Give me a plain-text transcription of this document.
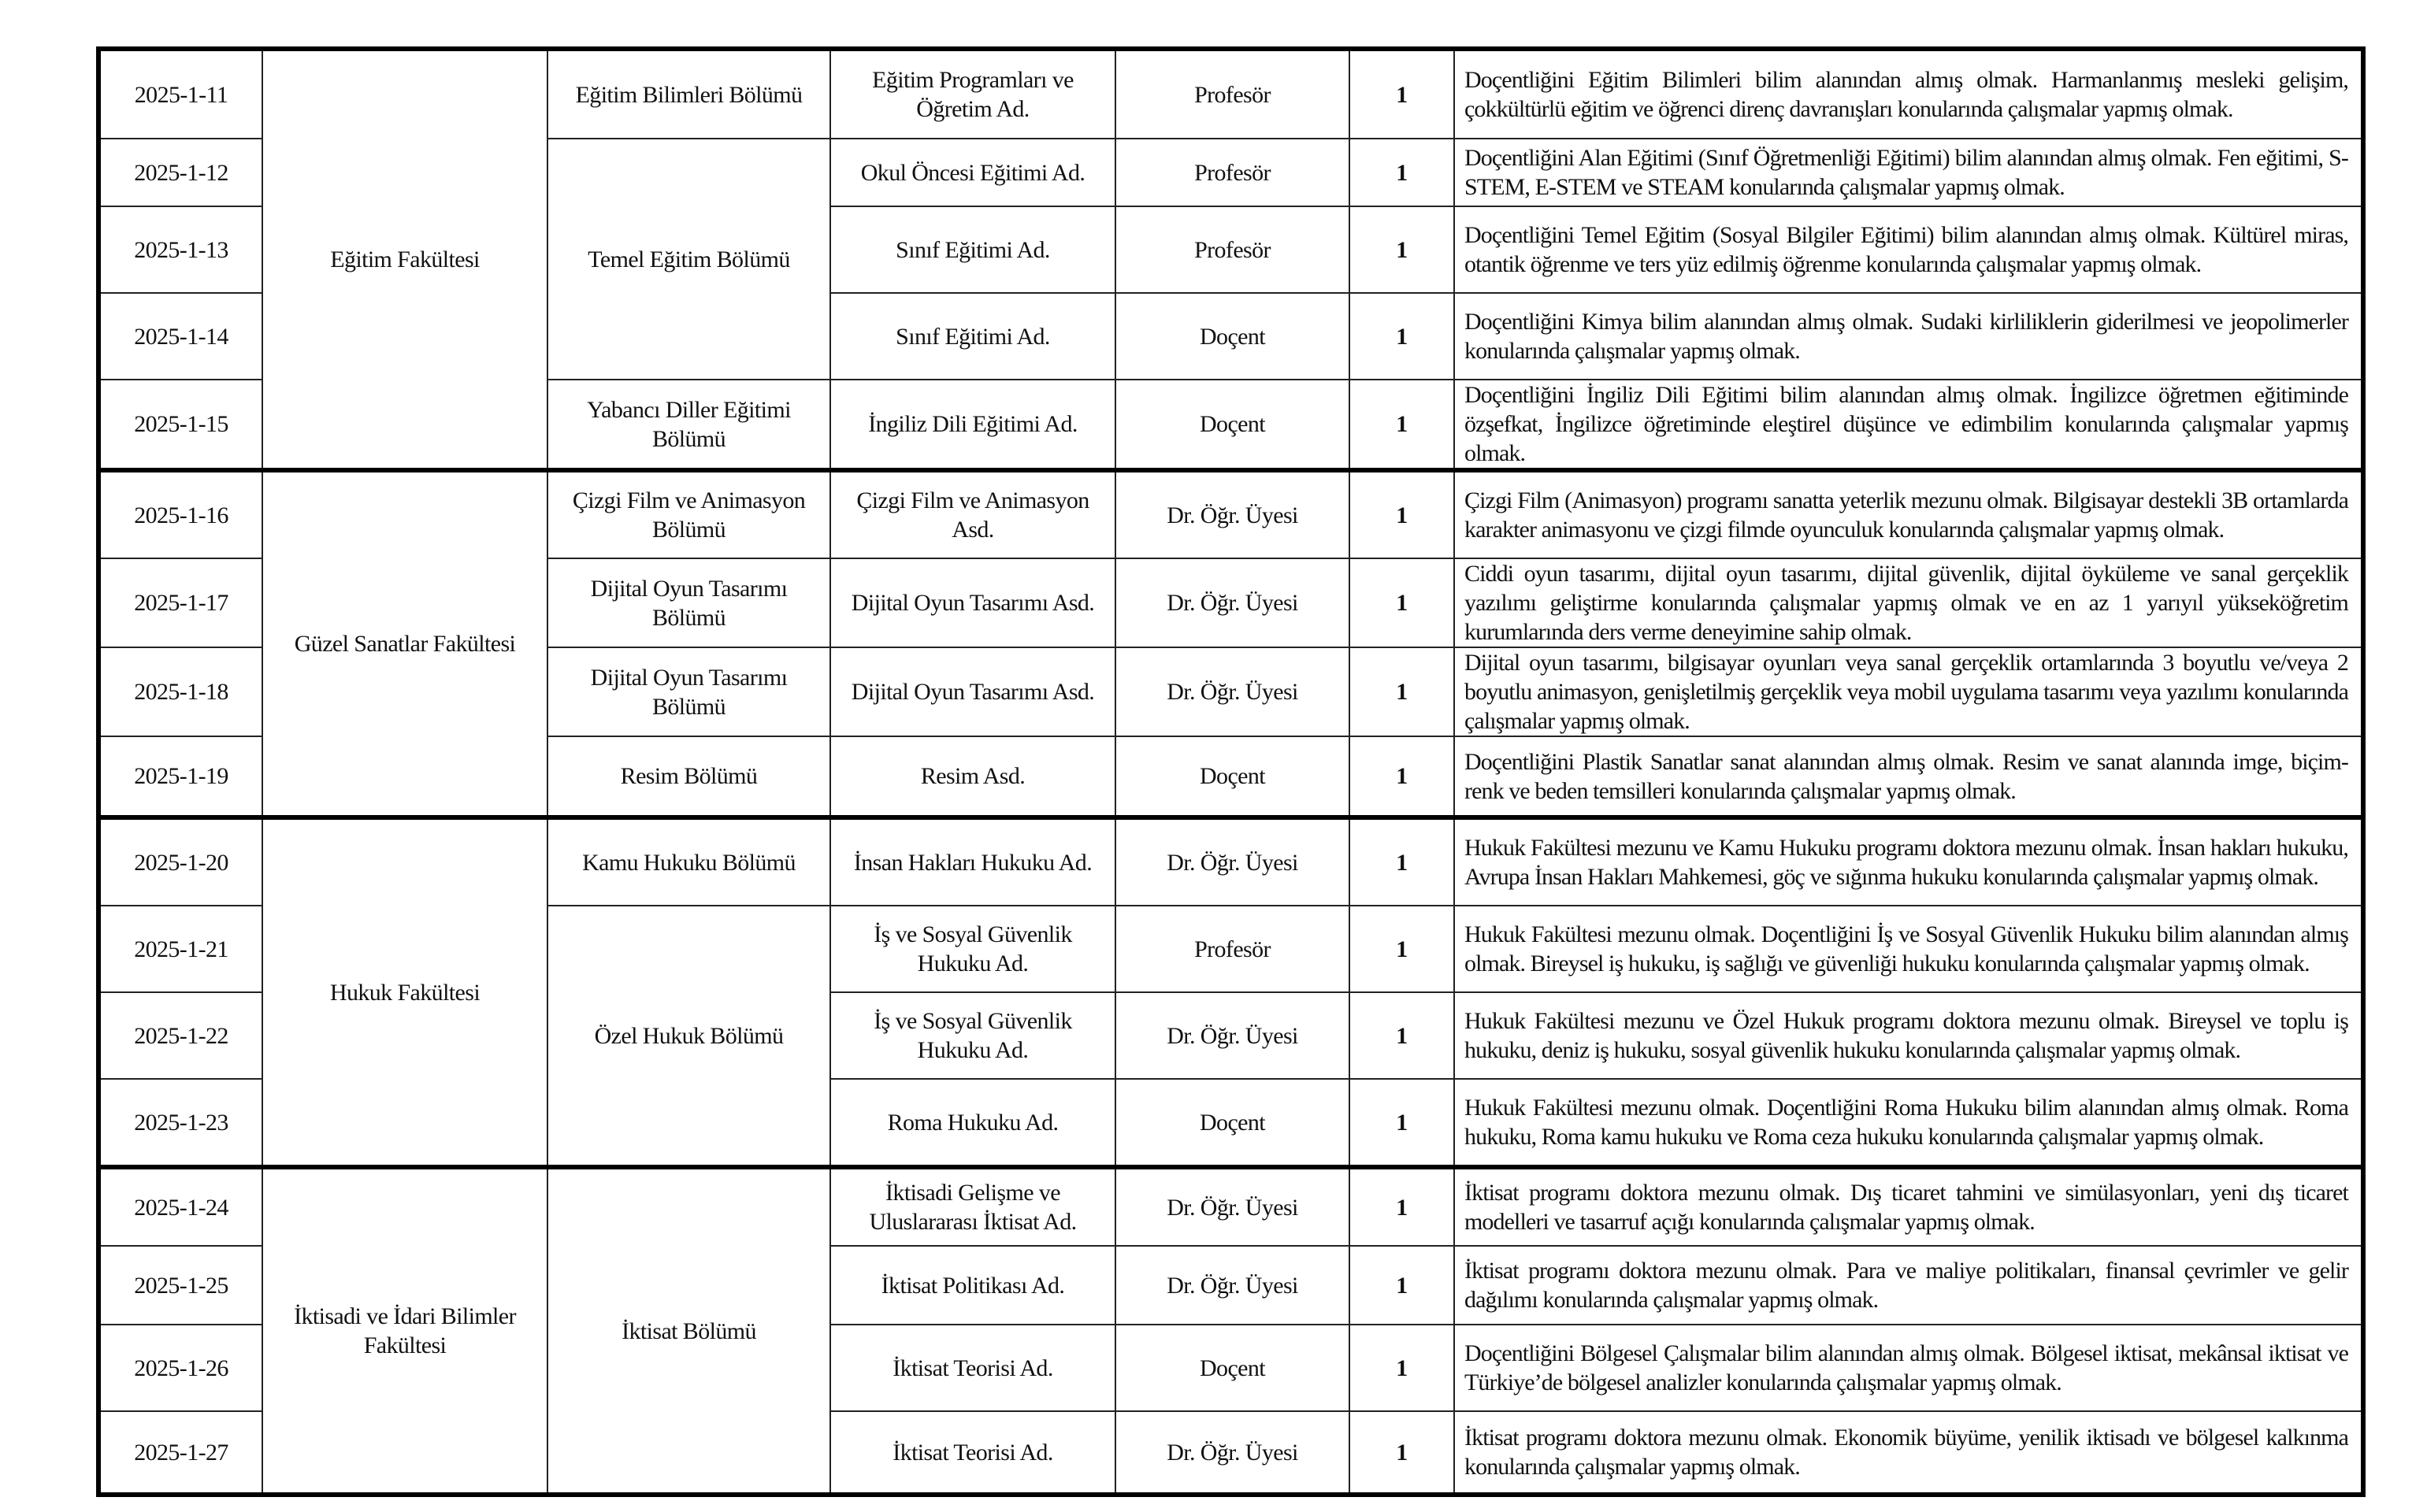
2025-1-11	Eğitim Fakültesi	Eğitim Bilimleri Bölümü	Eğitim Programları ve Öğretim Ad.	Profesör	1	Doçentliğini Eğitim Bilimleri bilim alanından almış olmak. Harmanlanmış mesleki gelişim, çokkültürlü eğitim ve öğrenci direnç davranışları konularında çalışmalar yapmış olmak.
2025-1-12		Temel Eğitim Bölümü	Okul Öncesi Eğitimi Ad.	Profesör	1	Doçentliğini Alan Eğitimi (Sınıf Öğretmenliği Eğitimi) bilim alanından almış olmak. Fen eğitimi, S-STEM, E-STEM ve STEAM konularında çalışmalar yapmış olmak.
2025-1-13			Sınıf Eğitimi Ad.	Profesör	1	Doçentliğini Temel Eğitim (Sosyal Bilgiler Eğitimi) bilim alanından almış olmak. Kültürel miras, otantik öğrenme ve ters yüz edilmiş öğrenme konularında çalışmalar yapmış olmak.
2025-1-14			Sınıf Eğitimi Ad.	Doçent	1	Doçentliğini Kimya bilim alanından almış olmak. Sudaki kirliliklerin giderilmesi ve jeopolimerler konularında çalışmalar yapmış olmak.
2025-1-15		Yabancı Diller Eğitimi Bölümü	İngiliz Dili Eğitimi Ad.	Doçent	1	Doçentliğini İngiliz Dili Eğitimi bilim alanından almış olmak. İngilizce öğretmen eğitiminde özşefkat, İngilizce öğretiminde eleştirel düşünce ve edimbilim konularında çalışmalar yapmış olmak.
2025-1-16	Güzel Sanatlar Fakültesi	Çizgi Film ve Animasyon Bölümü	Çizgi Film ve Animasyon Asd.	Dr. Öğr. Üyesi	1	Çizgi Film (Animasyon) programı sanatta yeterlik mezunu olmak. Bilgisayar destekli 3B ortamlarda karakter animasyonu ve çizgi filmde oyunculuk konularında çalışmalar yapmış olmak.
2025-1-17		Dijital Oyun Tasarımı Bölümü	Dijital Oyun Tasarımı Asd.	Dr. Öğr. Üyesi	1	Ciddi oyun tasarımı, dijital oyun tasarımı, dijital güvenlik, dijital öyküleme ve sanal gerçeklik yazılımı geliştirme konularında çalışmalar yapmış olmak ve en az 1 yarıyıl yükseköğretim kurumlarında ders verme deneyimine sahip olmak.
2025-1-18		Dijital Oyun Tasarımı Bölümü	Dijital Oyun Tasarımı Asd.	Dr. Öğr. Üyesi	1	Dijital oyun tasarımı, bilgisayar oyunları veya sanal gerçeklik ortamlarında 3 boyutlu ve/veya 2 boyutlu animasyon, genişletilmiş gerçeklik veya mobil uygulama tasarımı veya yazılımı konularında çalışmalar yapmış olmak.
2025-1-19		Resim Bölümü	Resim Asd.	Doçent	1	Doçentliğini Plastik Sanatlar sanat alanından almış olmak. Resim ve sanat alanında imge, biçim-renk ve beden temsilleri konularında çalışmalar yapmış olmak.
2025-1-20	Hukuk Fakültesi	Kamu Hukuku Bölümü	İnsan Hakları Hukuku Ad.	Dr. Öğr. Üyesi	1	Hukuk Fakültesi mezunu ve Kamu Hukuku programı doktora mezunu olmak. İnsan hakları hukuku, Avrupa İnsan Hakları Mahkemesi, göç ve sığınma hukuku konularında çalışmalar yapmış olmak.
2025-1-21		Özel Hukuk Bölümü	İş ve Sosyal Güvenlik Hukuku Ad.	Profesör	1	Hukuk Fakültesi mezunu olmak. Doçentliğini İş ve Sosyal Güvenlik Hukuku bilim alanından almış olmak. Bireysel iş hukuku, iş sağlığı ve güvenliği hukuku konularında çalışmalar yapmış olmak.
2025-1-22			İş ve Sosyal Güvenlik Hukuku Ad.	Dr. Öğr. Üyesi	1	Hukuk Fakültesi mezunu ve Özel Hukuk programı doktora mezunu olmak. Bireysel ve toplu iş hukuku, deniz iş hukuku, sosyal güvenlik hukuku konularında çalışmalar yapmış olmak.
2025-1-23			Roma Hukuku Ad.	Doçent	1	Hukuk Fakültesi mezunu olmak. Doçentliğini Roma Hukuku bilim alanından almış olmak. Roma hukuku, Roma kamu hukuku ve Roma ceza hukuku konularında çalışmalar yapmış olmak.
2025-1-24	İktisadi ve İdari Bilimler Fakültesi	İktisat Bölümü	İktisadi Gelişme ve Uluslararası İktisat Ad.	Dr. Öğr. Üyesi	1	İktisat programı doktora mezunu olmak. Dış ticaret tahmini ve simülasyonları, yeni dış ticaret modelleri ve tasarruf açığı konularında çalışmalar yapmış olmak.
2025-1-25			İktisat Politikası Ad.	Dr. Öğr. Üyesi	1	İktisat programı doktora mezunu olmak. Para ve maliye politikaları, finansal çevrimler ve gelir dağılımı konularında çalışmalar yapmış olmak.
2025-1-26			İktisat Teorisi Ad.	Doçent	1	Doçentliğini Bölgesel Çalışmalar bilim alanından almış olmak. Bölgesel iktisat, mekânsal iktisat ve Türkiye’de bölgesel analizler konularında çalışmalar yapmış olmak.
2025-1-27			İktisat Teorisi Ad.	Dr. Öğr. Üyesi	1	İktisat programı doktora mezunu olmak. Ekonomik büyüme, yenilik iktisadı ve bölgesel kalkınma konularında çalışmalar yapmış olmak.
